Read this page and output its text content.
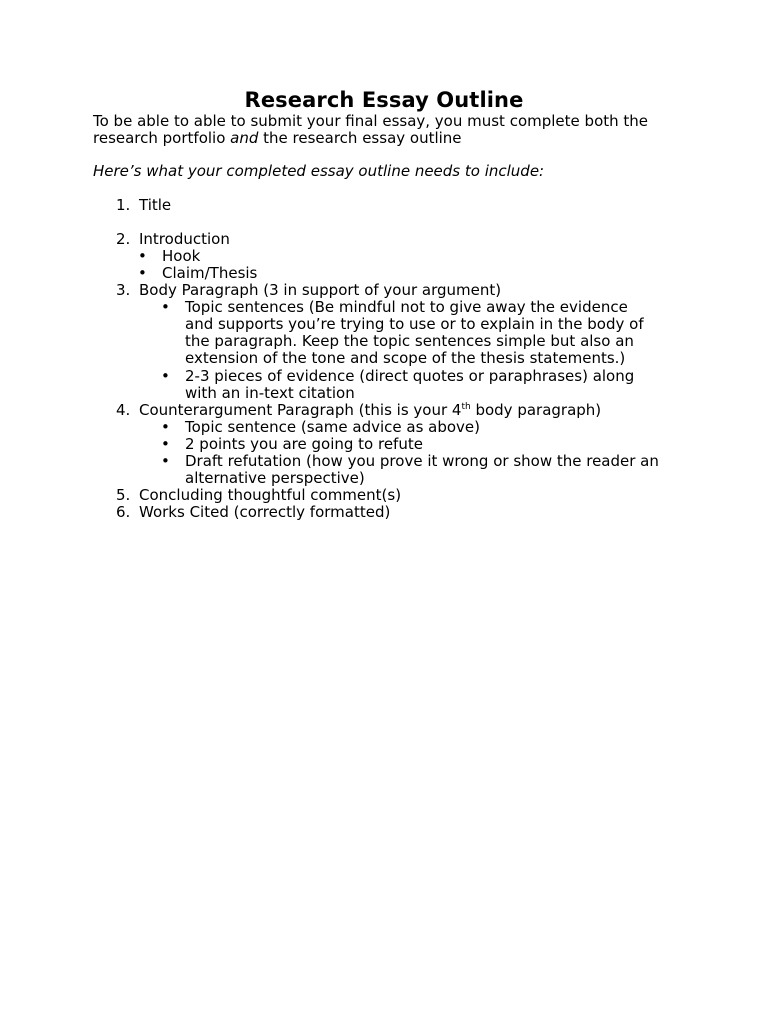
Research Essay Outline
To be able to able to submit your final essay, you must complete both the
research portfolio and the research essay outline
Here’s what your completed essay outline needs to include:
1. Title
2. Introduction
• Hook
• Claim/Thesis
3. Body Paragraph (3 in support of your argument)
• Topic sentences (Be mindful not to give away the evidence
and supports you’re trying to use or to explain in the body of
the paragraph. Keep the topic sentences simple but also an
extension of the tone and scope of the thesis statements.)
• 2-3 pieces of evidence (direct quotes or paraphrases) along
with an in-text citation
4. Counterargument Paragraph (this is your 4th body paragraph)
• Topic sentence (same advice as above)
• 2 points you are going to refute
• Draft refutation (how you prove it wrong or show the reader an
alternative perspective)
5. Concluding thoughtful comment(s)
6. Works Cited (correctly formatted)
